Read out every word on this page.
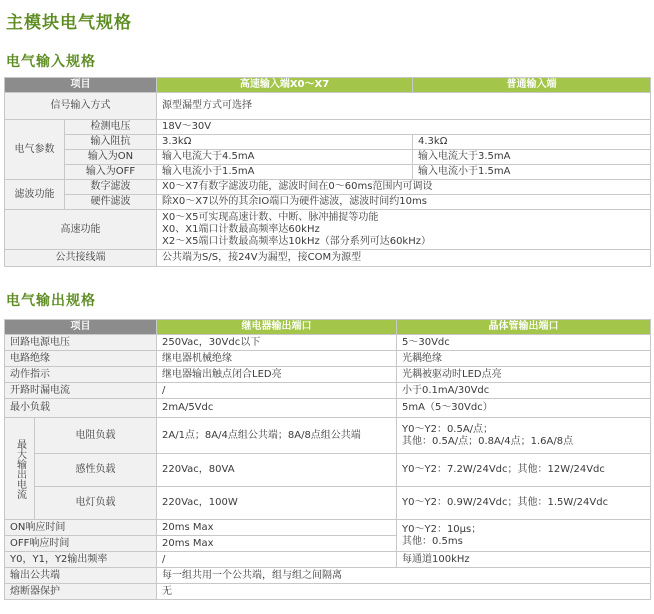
主模块电气规格
电气输入规格
项目		高速输入端X0～X7	普通输入端
信号输入方式		源型漏型方式可选择	
电气参数	检测电压	18V～30V	
	输入阻抗	3.3kΩ	4.3kΩ
	输入为ON	输入电流大于4.5mA	输入电流大于3.5mA
	输入为OFF	输入电流小于1.5mA	输入电流小于1.5mA
滤波功能	数字滤波	X0～X7有数字滤波功能，滤波时间在0～60ms范围内可调设	
	硬件滤波	除X0～X7以外的其余IO端口为硬件滤波，滤波时间约10ms	
高速功能		X0～X5可实现高速计数、中断、脉冲捕捉等功能
X0、X1端口计数最高频率达60kHz
X2～X5端口计数最高频率达10kHz（部分系列可达60kHz）	

公共接线端		公共端为S/S，接24V为漏型，接COM为源型	
电气输出规格
项目		继电器输出端口	晶体管输出端口
回路电源电压		250Vac，30Vdc以下	5～30Vdc
电路绝缘		继电器机械绝缘	光耦绝缘
动作指示		继电器输出触点闭合LED亮	光耦被驱动时LED点亮
开路时漏电流		/	小于0.1mA/30Vdc
最小负载		2mA/5Vdc	5mA（5～30Vdc）
最大输出电流	电阻负载	2A/1点；8A/4点组公共端；8A/8点组公共端	Y0～Y2：0.5A/点；
其他：0.5A/点；0.8A/4点；1.6A/8点

	感性负载	220Vac，80VA	Y0～Y2：7.2W/24Vdc；其他：12W/24Vdc
	电灯负载	220Vac，100W	Y0～Y2：0.9W/24Vdc；其他：1.5W/24Vdc
ON响应时间		20ms Max	Y0～Y2：10μs；
其他：0.5ms

OFF响应时间		20ms Max	
Y0，Y1，Y2输出频率		/	每通道100kHz
输出公共端		每一组共用一个公共端，组与组之间隔离	
熔断器保护		无	
